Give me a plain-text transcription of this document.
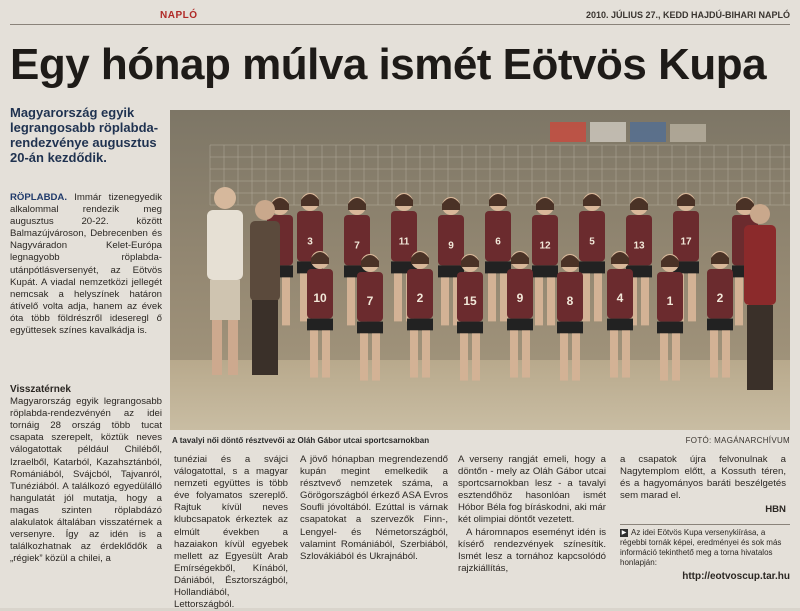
NAPLÓ	2010. JÚLIUS 27., KEDD HAJDÚ-BIHARI NAPLÓ
Egy hónap múlva ismét Eötvös Kupa
Magyarország egyik legrangosabb röplabda-rendezvénye augusztus 20-án kezdődik.

RÖPLABDA. Immár tizenegyedik alkalommal rendezik meg augusztus 20-22. között Balmazújvároson, Debrecenben és Nagyváradon Kelet-Európa legnagyobb röplabda-utánpótlásversenyét, az Eötvös Kupát. A viadal nemzetközi jellegét nemcsak a helyszínek határon átívelő volta adja, hanem az évek óta több földrészről ideseregl ő együttesek színes kavalkádja is.

Visszatérnek

Magyarország egyik legrangosabb röplabda-rendezvényén az idei tornáig 28 ország több tucat csapata szerepelt, köztük neves válogatottak például Chiléből, Izraelből, Katarból, Kazahsztánból, Romániából, Svájcból, Tajvanról, Tunéziából. A találkozó egyedülálló hangulatát jól mutatja, hogy a magas szinten röplabdázó alakulatok általában visszatérnek a versenyre. Így az idén is a találkozhatnak az érdeklődők a „régiek” közül a chilei, a

3	7	11	9	6	12	5	13	17
10	7	2	15	9	8	4	1	2
A tavalyi női döntő résztvevői az Oláh Gábor utcai sportcsarnokban	FOTÓ: MAGÁNARCHÍVUM

tunéziai és a svájci válogatottal, s a magyar nemzeti együttes is több éve folyamatos szereplő. Rajtuk kívül neves klubcsapatok érkeztek az elmúlt években a hazaiakon kívül egyebek mellett az Egyesült Arab Emírségekből, Kínából, Dániából, Észtországból, Hollandiából, Lettországból.

A jövő hónapban megrendezendő kupán megint emelkedik a résztvevő nemzetek száma, a Görögországból érkező ASA Evros Soufli jóvoltából. Ezúttal is várnak csapatokat a szervezők Finn-, Lengyel- és Németországból, valamint Romániából, Szerbiából, Szlovákiából és Ukrajnából.

A verseny rangját emeli, hogy a döntőn - mely az Oláh Gábor utcai sportcsarnokban lesz - a tavalyi esztendőhöz hasonlóan ismét Hóbor Béla fog bíráskodni, aki már két olimpiai döntőt vezetett.

A háromnapos eseményt idén is kísérő rendezvények színesítik. Ismét lesz a tornához kapcsolódó rajzkiállítás,

a csapatok újra felvonulnak a Nagytemplom előtt, a Kossuth téren, és a hagyományos baráti beszélgetés sem marad el.

HBN

▶ Az idei Eötvös Kupa versenykiírása, a régebbi tornák képei, eredményei és sok más információ tekinthető meg a torna hivatalos honlapján:
http://eotvoscup.tar.hu
